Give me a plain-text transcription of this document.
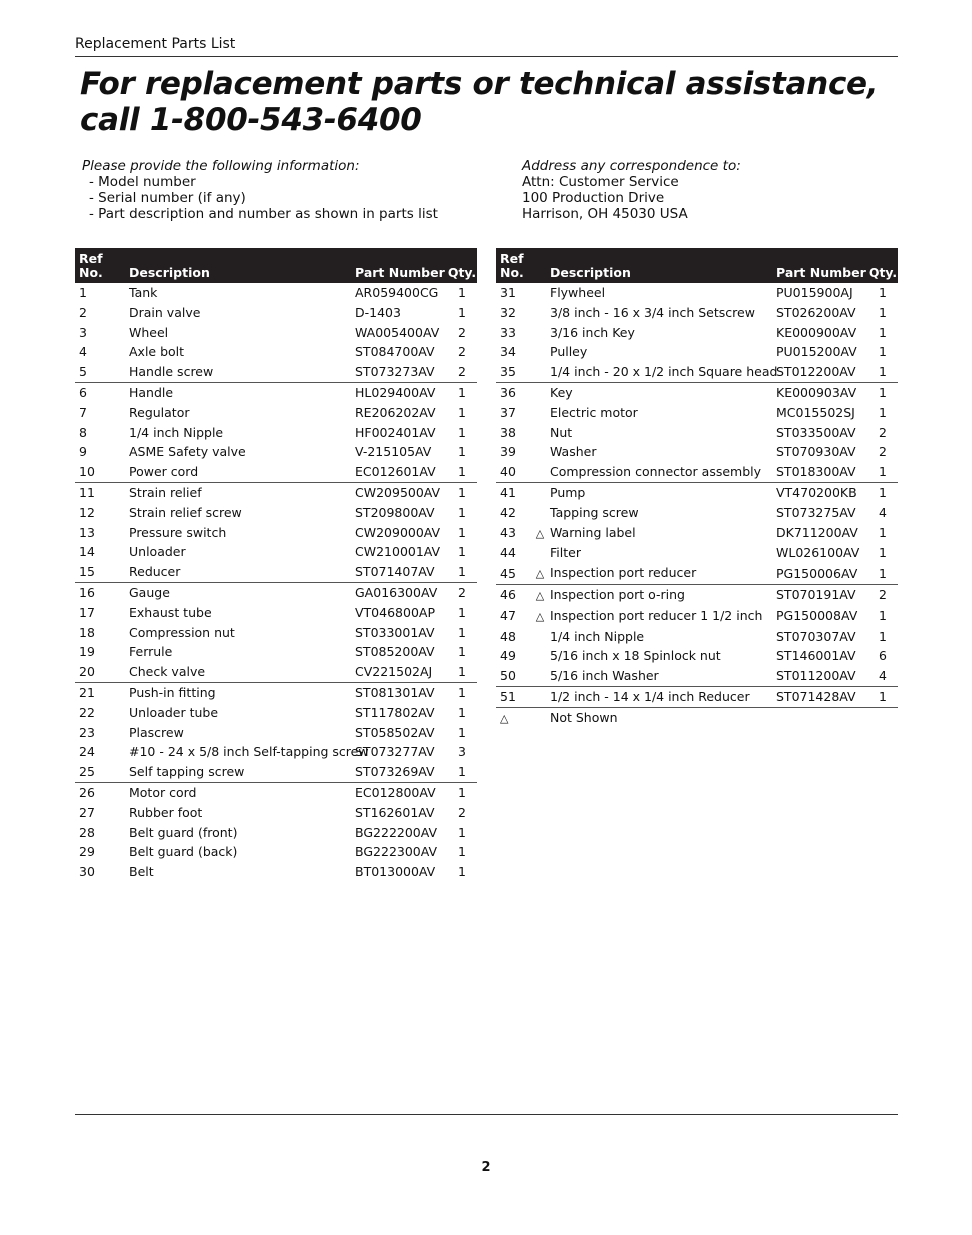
Replacement Parts List
For replacement parts or technical assistance,
call 1-800-543-6400
Please provide the following information:
- Model number
- Serial number (if any)
- Part description and number as shown in parts list
Address any correspondence to:
Attn: Customer Service
100 Production Drive
Harrison, OH 45030 USA
Ref
No.	Description	Part Number	Qty.
1	Tank	AR059400CG	1
2	Drain valve	D-1403	1
3	Wheel	WA005400AV	2
4	Axle bolt	ST084700AV	2
5	Handle screw	ST073273AV	2
6	Handle	HL029400AV	1
7	Regulator	RE206202AV	1
8	1/4 inch Nipple	HF002401AV	1
9	ASME Safety valve	V-215105AV	1
10	Power cord	EC012601AV	1
11	Strain relief	CW209500AV	1
12	Strain relief screw	ST209800AV	1
13	Pressure switch	CW209000AV	1
14	Unloader	CW210001AV	1
15	Reducer	ST071407AV	1
16	Gauge	GA016300AV	2
17	Exhaust tube	VT046800AP	1
18	Compression nut	ST033001AV	1
19	Ferrule	ST085200AV	1
20	Check valve	CV221502AJ	1
21	Push-in fitting	ST081301AV	1
22	Unloader tube	ST117802AV	1
23	Plascrew	ST058502AV	1
24	#10 - 24 x 5/8 inch Self-tapping screw	ST073277AV	3
25	Self tapping screw	ST073269AV	1
26	Motor cord	EC012800AV	1
27	Rubber foot	ST162601AV	2
28	Belt guard (front)	BG222200AV	1
29	Belt guard (back)	BG222300AV	1
30	Belt	BT013000AV	1
Ref
No.	Description	Part Number	Qty.
31	Flywheel	PU015900AJ	1
32	3/8 inch - 16 x 3/4 inch Setscrew	ST026200AV	1
33	3/16 inch Key	KE000900AV	1
34	Pulley	PU015200AV	1
35	1/4 inch - 20 x 1/2 inch Square head	ST012200AV	1
36	Key	KE000903AV	1
37	Electric motor	MC015502SJ	1
38	Nut	ST033500AV	2
39	Washer	ST070930AV	2
40	Compression connector assembly	ST018300AV	1
41	Pump	VT470200KB	1
42	Tapping screw	ST073275AV	4
43	△ Warning label	DK711200AV	1
44	Filter	WL026100AV	1
45	△ Inspection port reducer	PG150006AV	1
46	△ Inspection port o-ring	ST070191AV	2
47	△ Inspection port reducer 1 1/2 inch	PG150008AV	1
48	1/4 inch Nipple	ST070307AV	1
49	5/16 inch x 18 Spinlock nut	ST146001AV	6
50	5/16 inch Washer	ST011200AV	4
51	1/2 inch - 14 x 1/4 inch Reducer	ST071428AV	1
△	Not Shown		
2
